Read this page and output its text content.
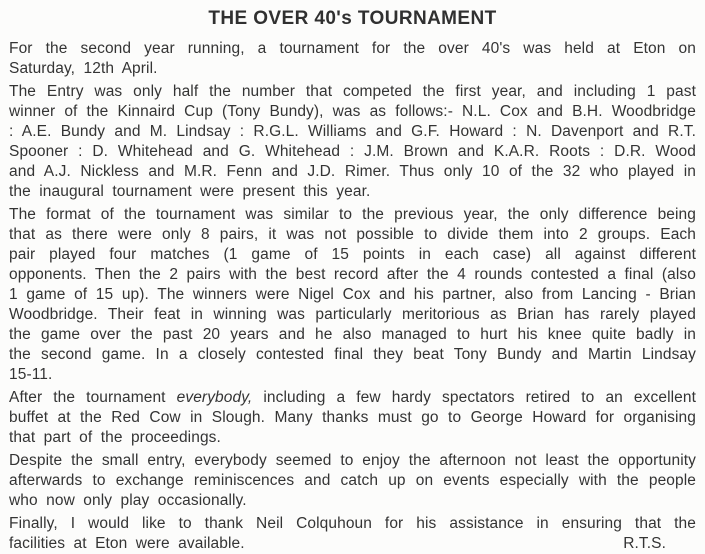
THE OVER 40's TOURNAMENT

For the second year running, a tournament for the over 40's was held at Eton on Saturday, 12th April.

The Entry was only half the number that competed the first year, and including 1 past winner of the Kinnaird Cup (Tony Bundy), was as follows:- N.L. Cox and B.H. Woodbridge : A.E. Bundy and M. Lindsay : R.G.L. Williams and G.F. Howard : N. Davenport and R.T. Spooner : D. Whitehead and G. Whitehead : J.M. Brown and K.A.R. Roots : D.R. Wood and A.J. Nickless and M.R. Fenn and J.D. Rimer. Thus only 10 of the 32 who played in the inaugural tournament were present this year.

The format of the tournament was similar to the previous year, the only difference being that as there were only 8 pairs, it was not possible to divide them into 2 groups. Each pair played four matches (1 game of 15 points in each case) all against different opponents. Then the 2 pairs with the best record after the 4 rounds contested a final (also 1 game of 15 up). The winners were Nigel Cox and his partner, also from Lancing - Brian Woodbridge. Their feat in winning was particularly meritorious as Brian has rarely played the game over the past 20 years and he also managed to hurt his knee quite badly in the second game. In a closely contested final they beat Tony Bundy and Martin Lindsay 15-11.

After the tournament everybody, including a few hardy spectators retired to an excellent buffet at the Red Cow in Slough. Many thanks must go to George Howard for organising that part of the proceedings.

Despite the small entry, everybody seemed to enjoy the afternoon not least the opportunity afterwards to exchange reminiscences and catch up on events especially with the people who now only play occasionally.

Finally, I would like to thank Neil Colquhoun for his assistance in ensuring that the facilities at Eton were available.	R.T.S.
